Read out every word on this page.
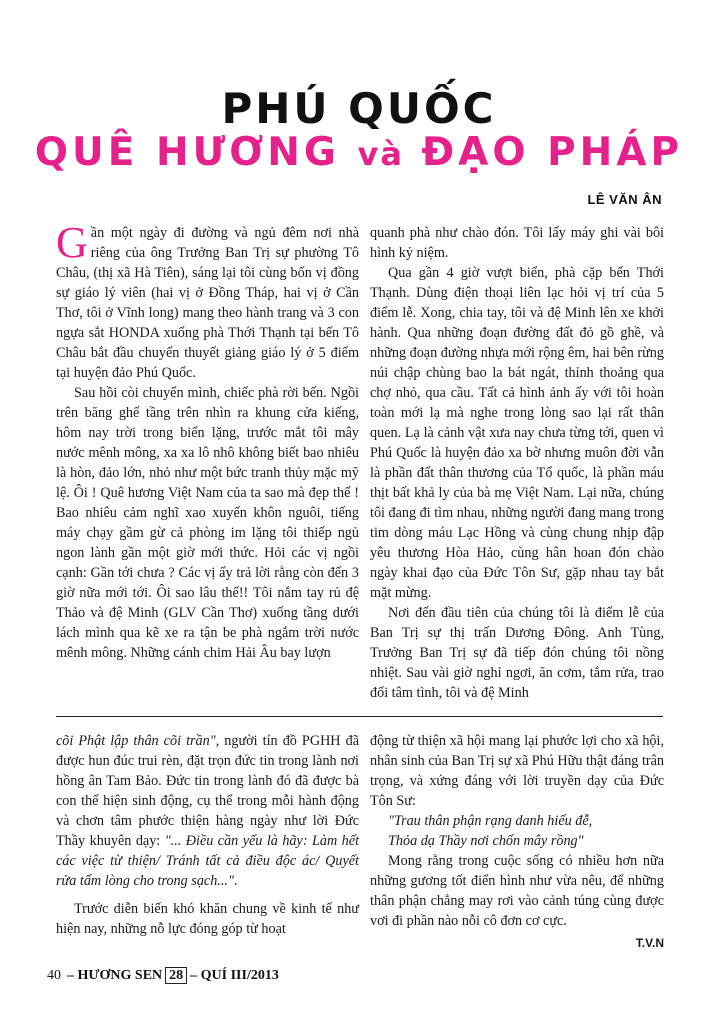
PHÚ QUỐC
QUÊ HƯƠNG và ĐẠO PHÁP
LÊ VĂN ÂN

Gần một ngày đi đường và ngủ đêm nơi nhà riêng của ông Trưởng Ban Trị sự phường Tô Châu, (thị xã Hà Tiên), sáng lại tôi cùng bốn vị đồng sự giáo lý viên (hai vị ở Đồng Tháp, hai vị ở Cần Thơ, tôi ở Vĩnh long) mang theo hành trang và 3 con ngựa sắt HONDA xuống phà Thới Thạnh tại bến Tô Châu bắt đầu chuyến thuyết giảng giáo lý ở 5 điểm tại huyện đảo Phú Quốc.

Sau hồi còi chuyển mình, chiếc phà rời bến. Ngồi trên băng ghế tầng trên nhìn ra khung cửa kiếng, hôm nay trời trong biển lặng, trước mắt tôi mây nước mênh mông, xa xa lô nhô không biết bao nhiêu là hòn, đảo lớn, nhỏ như một bức tranh thủy mặc mỹ lệ. Ôi ! Quê hương Việt Nam của ta sao mà đẹp thế ! Bao nhiêu cảm nghĩ xao xuyến khôn nguôi, tiếng máy chạy gầm gừ cả phòng im lặng tôi thiếp ngủ ngon lành gần một giờ mới thức. Hỏi các vị ngồi cạnh: Gần tới chưa ? Các vị ấy trả lời rằng còn đến 3 giờ nữa mới tới. Ôi sao lâu thế!! Tôi nắm tay rủ đệ Thảo và đệ Minh (GLV Cần Thơ) xuống tầng dưới lách mình qua kẽ xe ra tận be phà ngắm trời nước mênh mông. Những cánh chim Hải Âu bay lượn

quanh phà như chào đón. Tôi lấy máy ghi vài bôi hình kỷ niệm.

Qua gần 4 giờ vượt biển, phà cặp bến Thới Thạnh. Dùng điện thoại liên lạc hỏi vị trí của 5 điểm lễ. Xong, chia tay, tôi và đệ Minh lên xe khởi hành. Qua những đoạn đường đất đỏ gồ ghề, và những đoạn đường nhựa mới rộng êm, hai bên rừng núi chập chùng bao la bát ngát, thỉnh thoảng qua chợ nhỏ, qua cầu. Tất cả hình ảnh ấy với tôi hoàn toàn mới lạ mà nghe trong lòng sao lại rất thân quen. Lạ là cảnh vật xưa nay chưa từng tới, quen vì Phú Quốc là huyện đảo xa bờ nhưng muôn đời vẫn là phần đất thân thương của Tổ quốc, là phần máu thịt bất khả ly của bà mẹ Việt Nam. Lại nữa, chúng tôi đang đi tìm nhau, những người đang mang trong tim dòng máu Lạc Hồng và cùng chung nhịp đập yêu thương Hòa Hảo, cùng hân hoan đón chào ngày khai đạo của Đức Tôn Sư, gặp nhau tay bắt mặt mừng.

Nơi đến đầu tiên của chúng tôi là điểm lễ của Ban Trị sự thị trấn Dương Đông. Anh Tùng, Trưởng Ban Trị sự đã tiếp đón chúng tôi nồng nhiệt. Sau vài giờ nghỉ ngơi, ăn cơm, tắm rửa, trao đổi tâm tình, tôi và đệ Minh

cõi Phật lập thân cõi trần", người tín đồ PGHH đã được hun đúc trui rèn, đặt trọn đức tin trong lành nơi hồng ân Tam Bảo. Đức tin trong lành đó đã được bà con thể hiện sinh động, cụ thể trong mỗi hành động và chơn tâm phước thiện hàng ngày như lời Đức Thầy khuyên dạy: "... Điều cần yếu là hãy: Làm hết các việc từ thiện/ Tránh tất cả điều độc ác/ Quyết rửa tấm lòng cho trong sạch...".

Trước diễn biến khó khăn chung về kinh tế như hiện nay, những nỗ lực đóng góp từ hoạt

động từ thiện xã hội mang lại phước lợi cho xã hội, nhân sinh của Ban Trị sự xã Phú Hữu thật đáng trân trọng, và xứng đáng với lời truyền dạy của Đức Tôn Sư:

"Trau thân phận rạng danh hiếu đễ,

Thỏa dạ Thầy nơi chốn mây rồng"

Mong rằng trong cuộc sống có nhiều hơn nữa những gương tốt điển hình như vừa nêu, để những thân phận chẳng may rơi vào cảnh túng cùng được vơi đi phần nào nỗi cô đơn cơ cực.

T.V.N
40 – HƯƠNG SEN 28 – QUÍ III/2013
